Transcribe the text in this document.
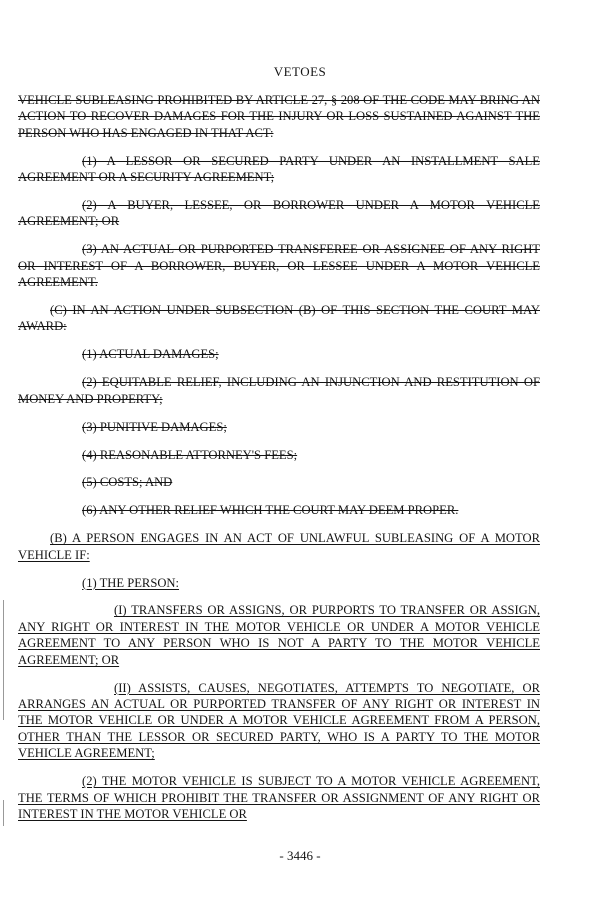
VETOES

VEHICLE SUBLEASING PROHIBITED BY ARTICLE 27, § 208 OF THE CODE MAY BRING AN ACTION TO RECOVER DAMAGES FOR THE INJURY OR LOSS SUSTAINED AGAINST THE PERSON WHO HAS ENGAGED IN THAT ACT:

(1) A LESSOR OR SECURED PARTY UNDER AN INSTALLMENT SALE AGREEMENT OR A SECURITY AGREEMENT;

(2) A BUYER, LESSEE, OR BORROWER UNDER A MOTOR VEHICLE AGREEMENT; OR

(3) AN ACTUAL OR PURPORTED TRANSFEREE OR ASSIGNEE OF ANY RIGHT OR INTEREST OF A BORROWER, BUYER, OR LESSEE UNDER A MOTOR VEHICLE AGREEMENT.

(C) IN AN ACTION UNDER SUBSECTION (B) OF THIS SECTION THE COURT MAY AWARD:

(1) ACTUAL DAMAGES;

(2) EQUITABLE RELIEF, INCLUDING AN INJUNCTION AND RESTITUTION OF MONEY AND PROPERTY;

(3) PUNITIVE DAMAGES;

(4) REASONABLE ATTORNEY'S FEES;

(5) COSTS; AND

(6) ANY OTHER RELIEF WHICH THE COURT MAY DEEM PROPER.

(B) A PERSON ENGAGES IN AN ACT OF UNLAWFUL SUBLEASING OF A MOTOR VEHICLE IF:

(1) THE PERSON:

(I) TRANSFERS OR ASSIGNS, OR PURPORTS TO TRANSFER OR ASSIGN, ANY RIGHT OR INTEREST IN THE MOTOR VEHICLE OR UNDER A MOTOR VEHICLE AGREEMENT TO ANY PERSON WHO IS NOT A PARTY TO THE MOTOR VEHICLE AGREEMENT; OR

(II) ASSISTS, CAUSES, NEGOTIATES, ATTEMPTS TO NEGOTIATE, OR ARRANGES AN ACTUAL OR PURPORTED TRANSFER OF ANY RIGHT OR INTEREST IN THE MOTOR VEHICLE OR UNDER A MOTOR VEHICLE AGREEMENT FROM A PERSON, OTHER THAN THE LESSOR OR SECURED PARTY, WHO IS A PARTY TO THE MOTOR VEHICLE AGREEMENT;

(2) THE MOTOR VEHICLE IS SUBJECT TO A MOTOR VEHICLE AGREEMENT, THE TERMS OF WHICH PROHIBIT THE TRANSFER OR ASSIGNMENT OF ANY RIGHT OR INTEREST IN THE MOTOR VEHICLE OR

- 3446 -
